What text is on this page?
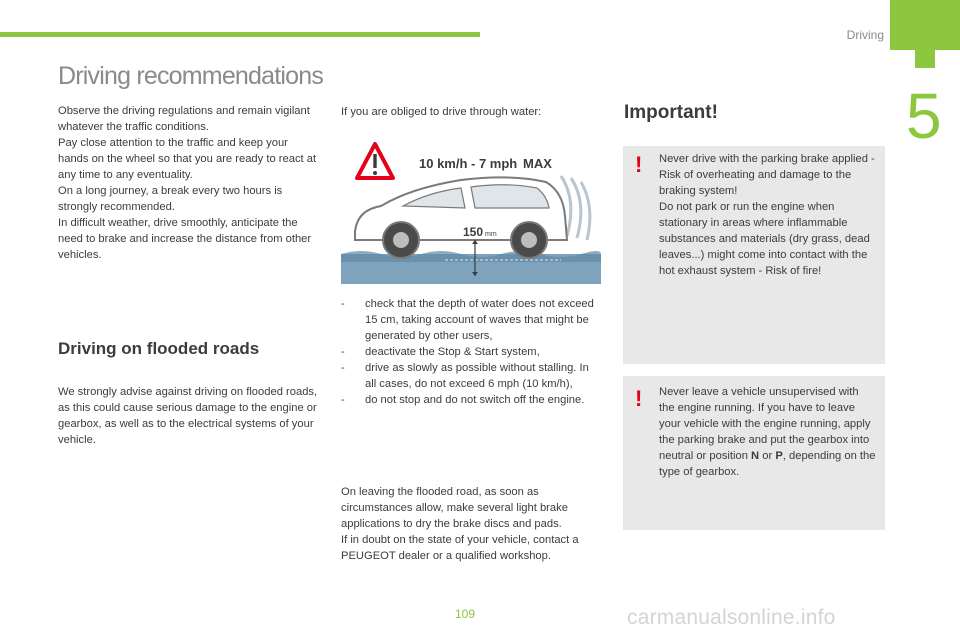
Driving
5
Driving recommendations

Observe the driving regulations and remain vigilant whatever the traffic conditions.

Pay close attention to the traffic and keep your hands on the wheel so that you are ready to react at any time to any eventuality.

On a long journey, a break every two hours is strongly recommended.

In difficult weather, drive smoothly, anticipate the need to brake and increase the distance from other vehicles.

Driving on flooded roads

We strongly advise against driving on flooded roads, as this could cause serious damage to the engine or gearbox, as well as to the electrical systems of your vehicle.

If you are obliged to drive through water:

10 km/h - 7 mph MAX
150 mm
- check that the depth of water does not exceed 15 cm, taking account of waves that might be generated by other users,
- deactivate the Stop & Start system,
- drive as slowly as possible without stalling. In all cases, do not exceed 6 mph (10 km/h),
- do not stop and do not switch off the engine.

On leaving the flooded road, as soon as circumstances allow, make several light brake applications to dry the brake discs and pads.

If in doubt on the state of your vehicle, contact a PEUGEOT dealer or a qualified workshop.

Important!
! Never drive with the parking brake applied - Risk of overheating and damage to the braking system!

Do not park or run the engine when stationary in areas where inflammable substances and materials (dry grass, dead leaves...) might come into contact with the hot exhaust system - Risk of fire!

! Never leave a vehicle unsupervised with the engine running. If you have to leave your vehicle with the engine running, apply the parking brake and put the gearbox into neutral or position N or P, depending on the type of gearbox.

109	carmanualsonline.info
